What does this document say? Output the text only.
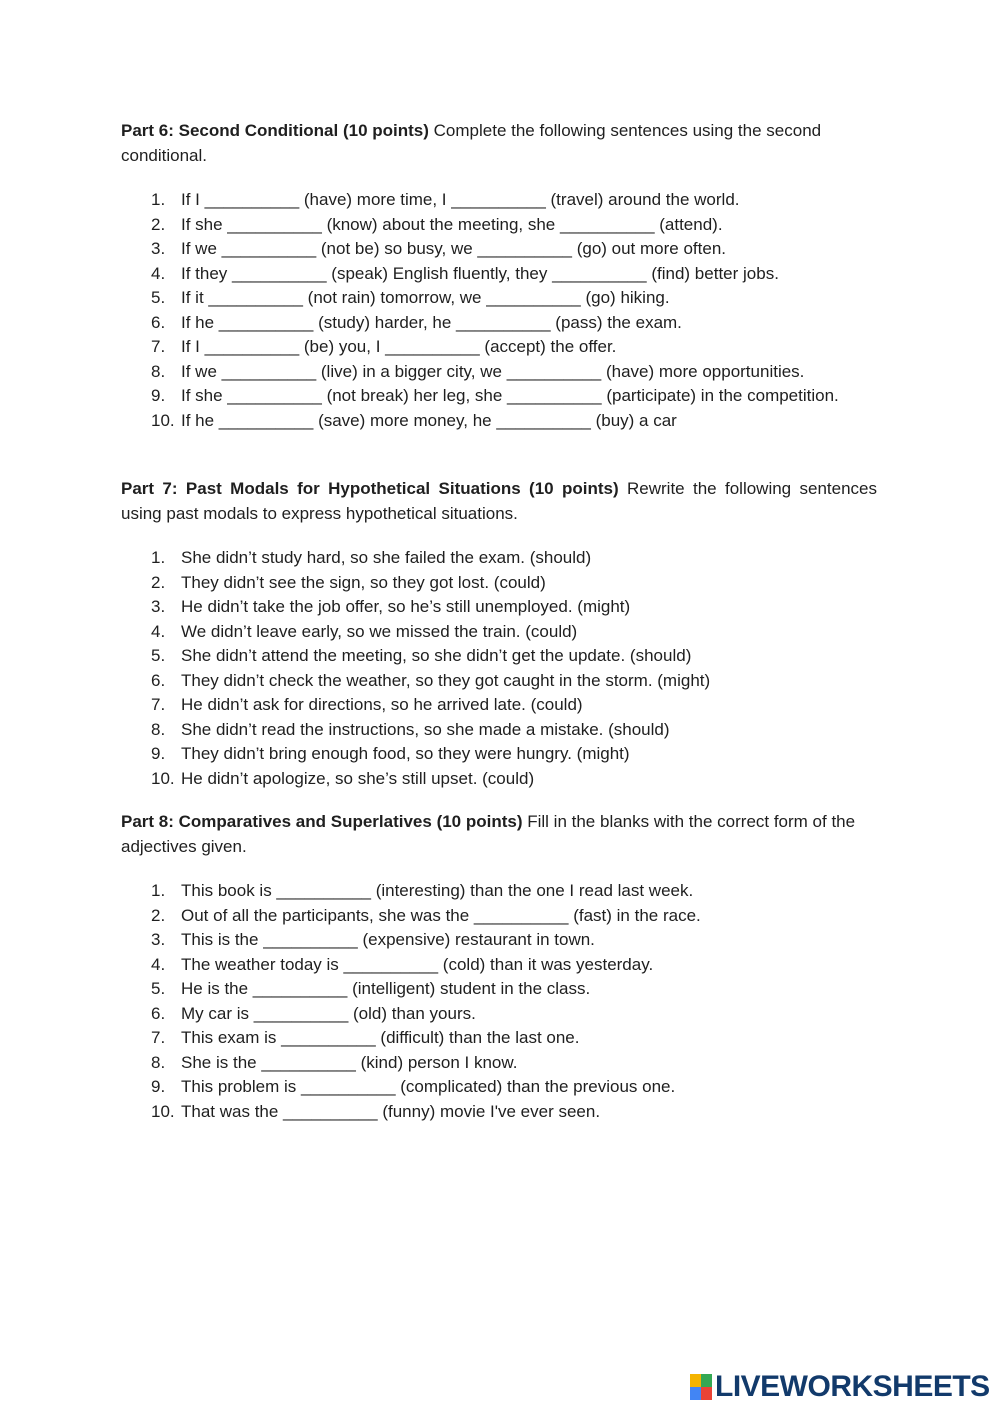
Part 6: Second Conditional (10 points) Complete the following sentences using the second conditional.

1. If I __________ (have) more time, I __________ (travel) around the world.
2. If she __________ (know) about the meeting, she __________ (attend).
3. If we __________ (not be) so busy, we __________ (go) out more often.
4. If they __________ (speak) English fluently, they __________ (find) better jobs.
5. If it __________ (not rain) tomorrow, we __________ (go) hiking.
6. If he __________ (study) harder, he __________ (pass) the exam.
7. If I __________ (be) you, I __________ (accept) the offer.
8. If we __________ (live) in a bigger city, we __________ (have) more opportunities.
9. If she __________ (not break) her leg, she __________ (participate) in the competition.
10. If he __________ (save) more money, he __________ (buy) a car

Part 7: Past Modals for Hypothetical Situations (10 points) Rewrite the following sentences using past modals to express hypothetical situations.

1. She didn’t study hard, so she failed the exam. (should)
2. They didn’t see the sign, so they got lost. (could)
3. He didn’t take the job offer, so he’s still unemployed. (might)
4. We didn’t leave early, so we missed the train. (could)
5. She didn’t attend the meeting, so she didn’t get the update. (should)
6. They didn’t check the weather, so they got caught in the storm. (might)
7. He didn’t ask for directions, so he arrived late. (could)
8. She didn’t read the instructions, so she made a mistake. (should)
9. They didn’t bring enough food, so they were hungry. (might)
10. He didn’t apologize, so she’s still upset. (could)

Part 8: Comparatives and Superlatives (10 points) Fill in the blanks with the correct form of the adjectives given.

1. This book is __________ (interesting) than the one I read last week.
2. Out of all the participants, she was the __________ (fast) in the race.
3. This is the __________ (expensive) restaurant in town.
4. The weather today is __________ (cold) than it was yesterday.
5. He is the __________ (intelligent) student in the class.
6. My car is __________ (old) than yours.
7. This exam is __________ (difficult) than the last one.
8. She is the __________ (kind) person I know.
9. This problem is __________ (complicated) than the previous one.
10. That was the __________ (funny) movie I've ever seen.
LIVEWORKSHEETS
